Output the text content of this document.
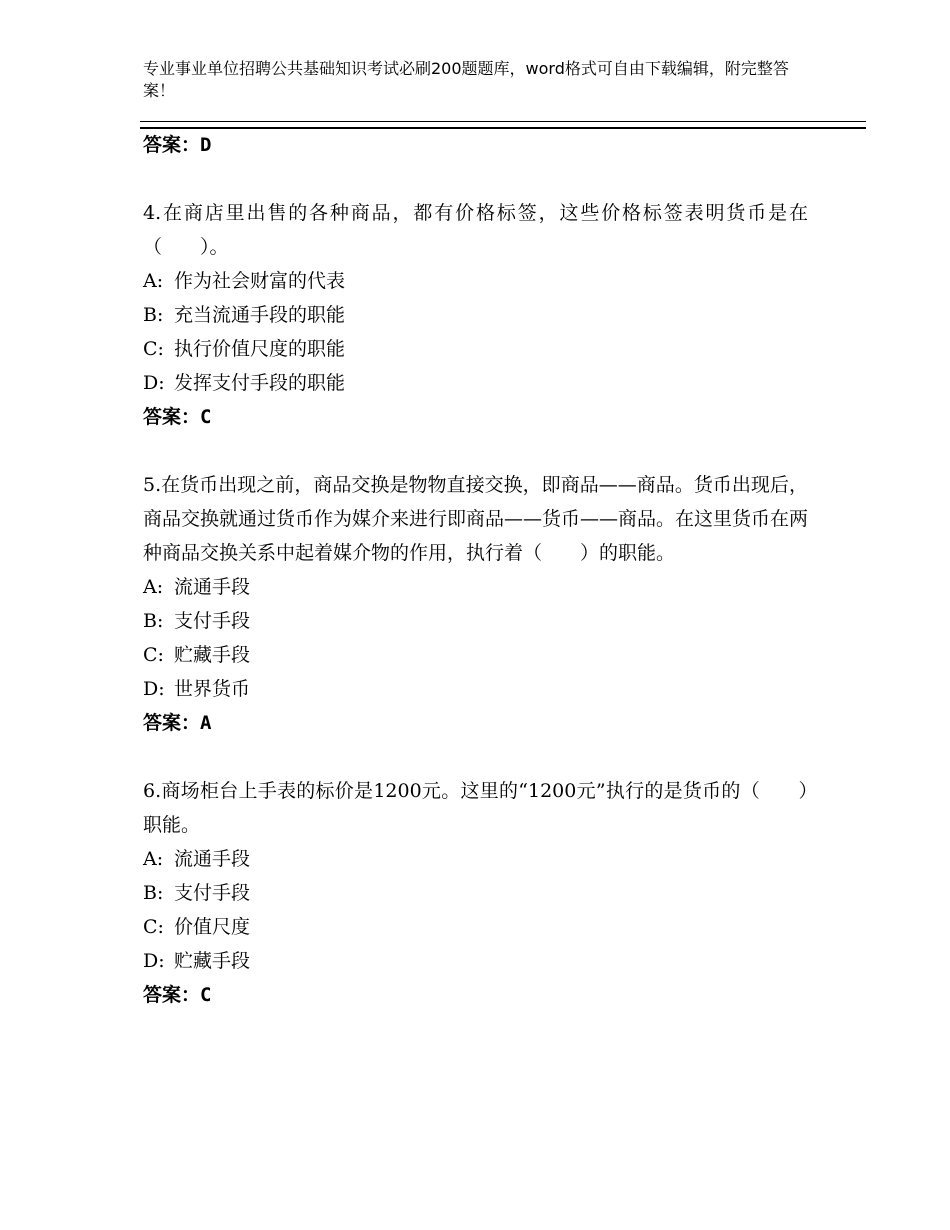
专业事业单位招聘公共基础知识考试必刷200题题库，word格式可自由下载编辑，附完整答案！
答案：D
4.在商店里出售的各种商品，都有价格标签，这些价格标签表明货币是在（　　）。
A: 作为社会财富的代表
B: 充当流通手段的职能
C: 执行价值尺度的职能
D: 发挥支付手段的职能
答案：C
5.在货币出现之前，商品交换是物物直接交换，即商品——商品。货币出现后，商品交换就通过货币作为媒介来进行即商品——货币——商品。在这里货币在两种商品交换关系中起着媒介物的作用，执行着（　　）的职能。
A: 流通手段
B: 支付手段
C: 贮藏手段
D: 世界货币
答案：A
6.商场柜台上手表的标价是1200元。这里的“1200元”执行的是货币的（　　）职能。
A: 流通手段
B: 支付手段
C: 价值尺度
D: 贮藏手段
答案：C
